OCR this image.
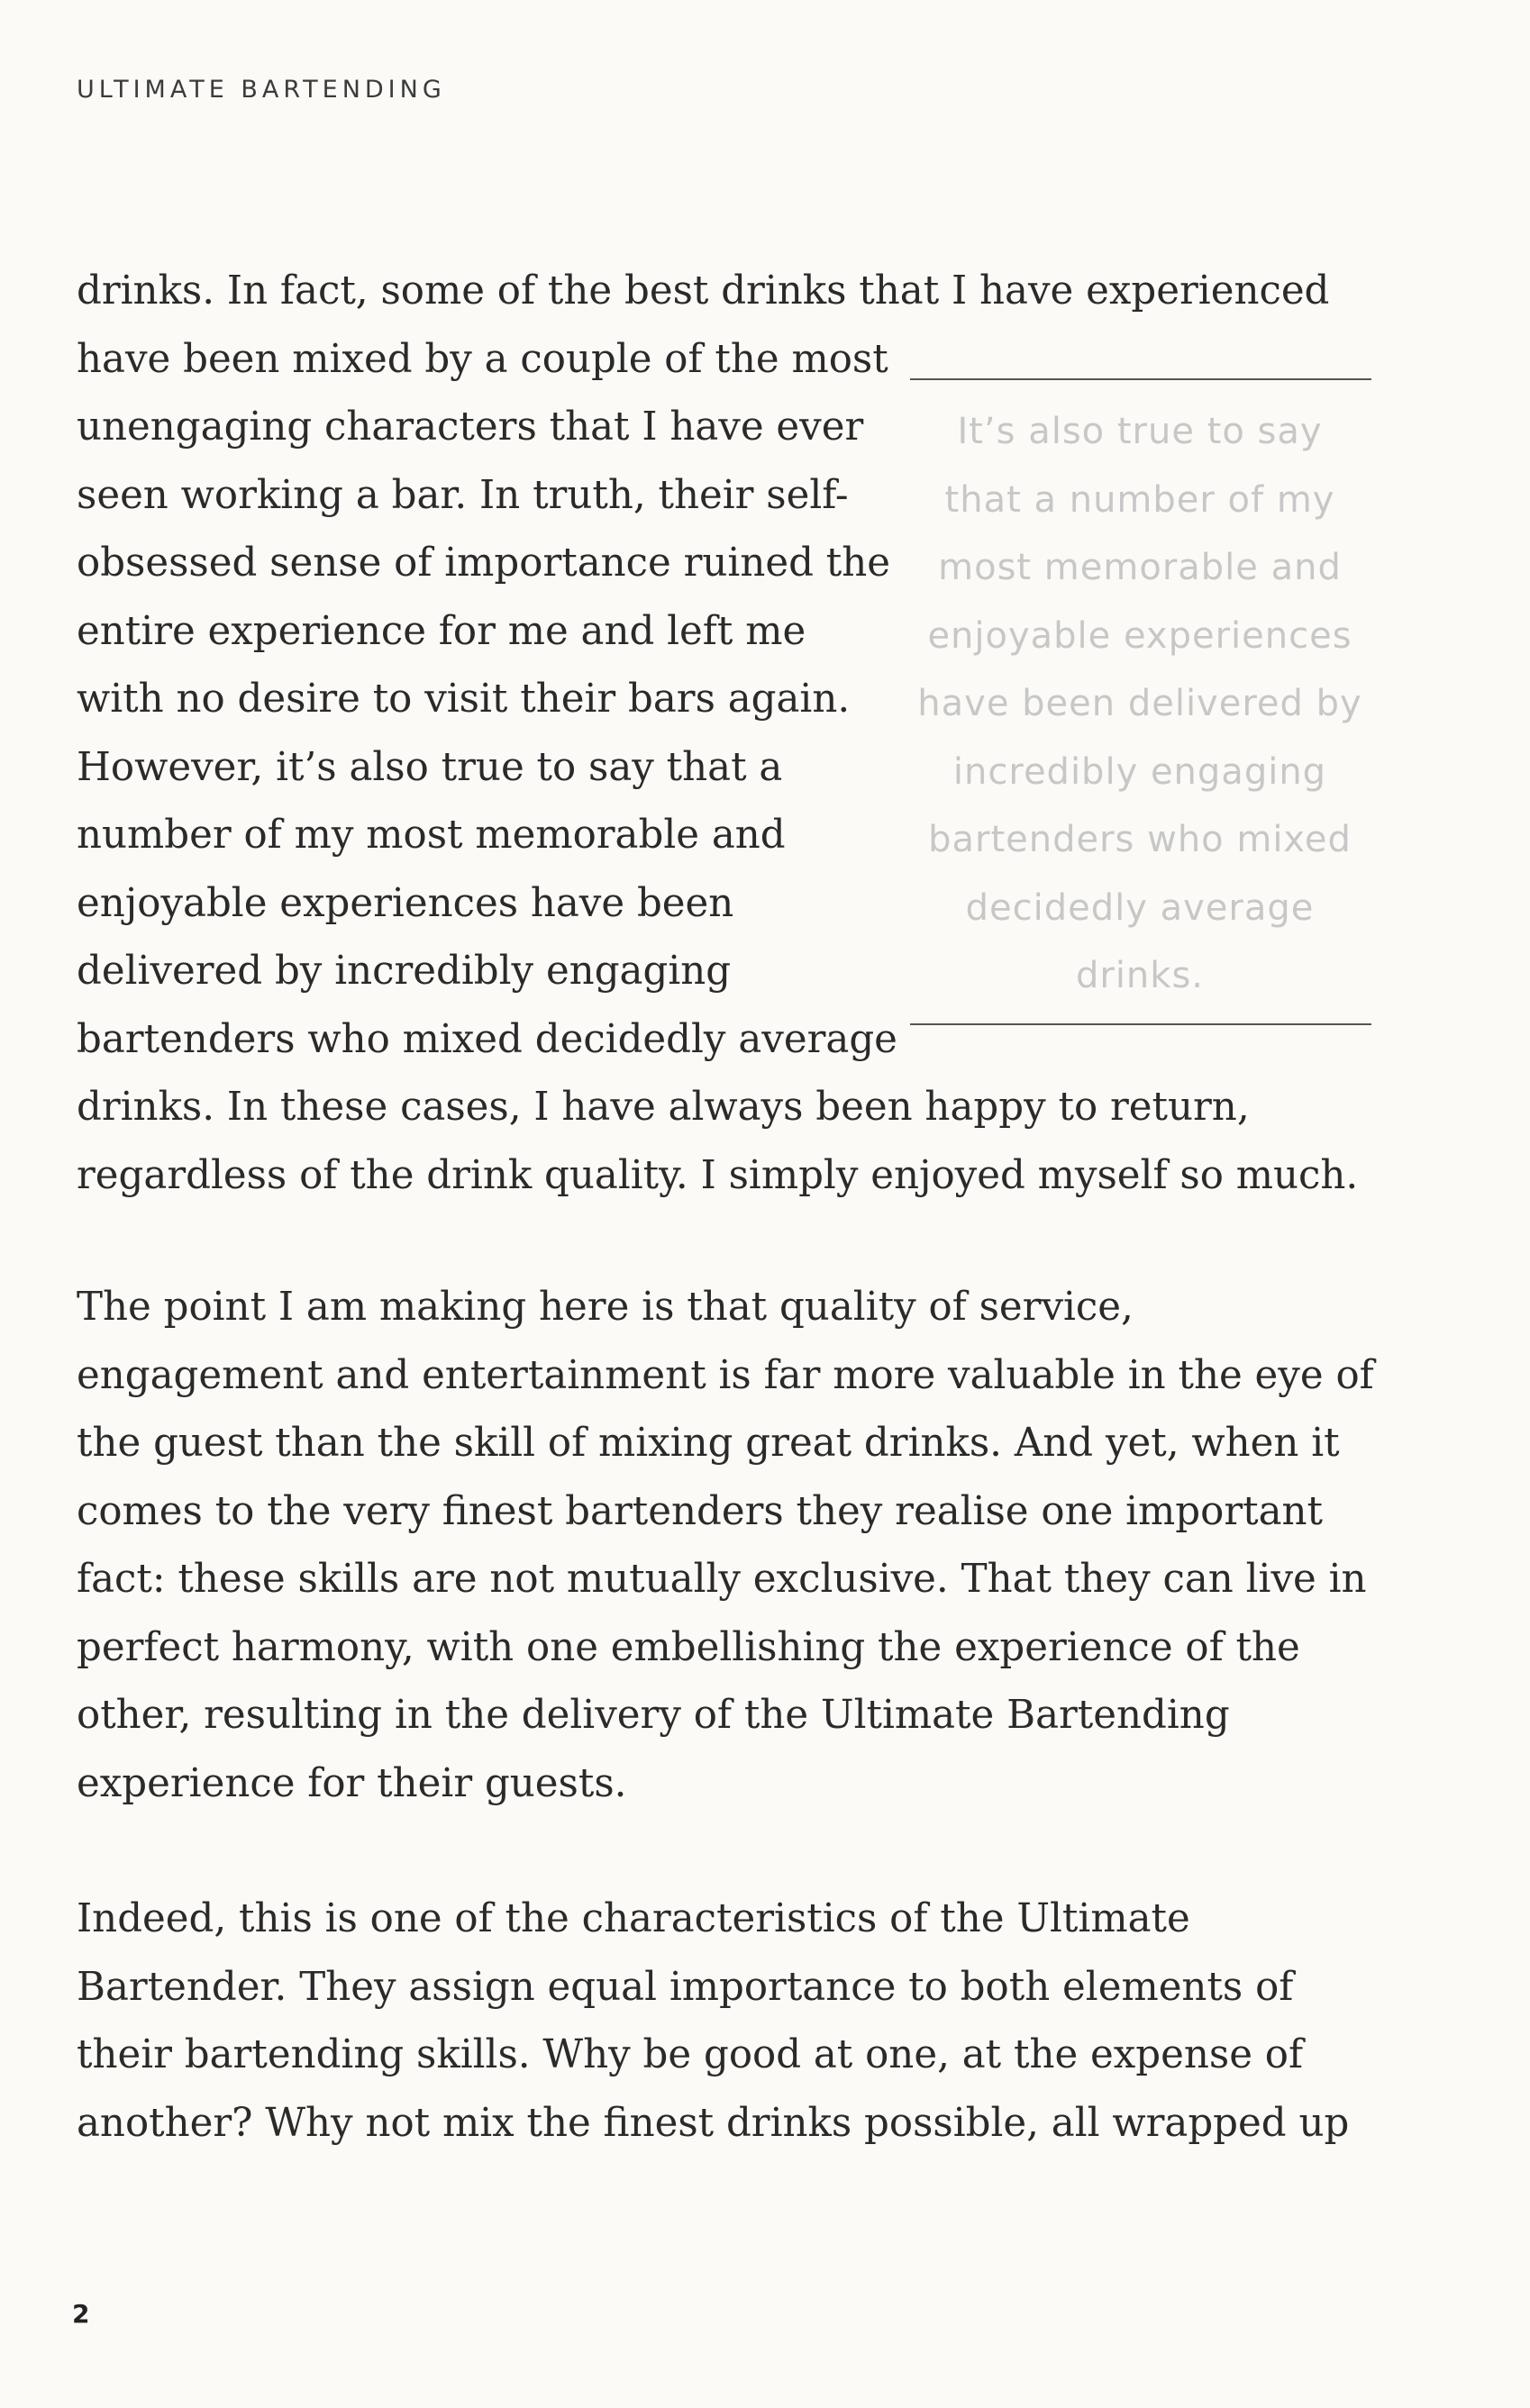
ULTIMATE BARTENDING

drinks. In fact, some of the best drinks that I have experienced
have been mixed by a couple of the most
unengaging characters that I have ever
seen working a bar. In truth, their self-
obsessed sense of importance ruined the
entire experience for me and left me
with no desire to visit their bars again.
However, it’s also true to say that a
number of my most memorable and
enjoyable experiences have been
delivered by incredibly engaging
bartenders who mixed decidedly average
drinks. In these cases, I have always been happy to return,
regardless of the drink quality. I simply enjoyed myself so much.

It’s also true to say
that a number of my
most memorable and
enjoyable experiences
have been delivered by
incredibly engaging
bartenders who mixed
decidedly average
drinks.

The point I am making here is that quality of service,
engagement and entertainment is far more valuable in the eye of
the guest than the skill of mixing great drinks. And yet, when it
comes to the very finest bartenders they realise one important
fact: these skills are not mutually exclusive. That they can live in
perfect harmony, with one embellishing the experience of the
other, resulting in the delivery of the Ultimate Bartending
experience for their guests.

Indeed, this is one of the characteristics of the Ultimate
Bartender. They assign equal importance to both elements of
their bartending skills. Why be good at one, at the expense of
another? Why not mix the finest drinks possible, all wrapped up

2
